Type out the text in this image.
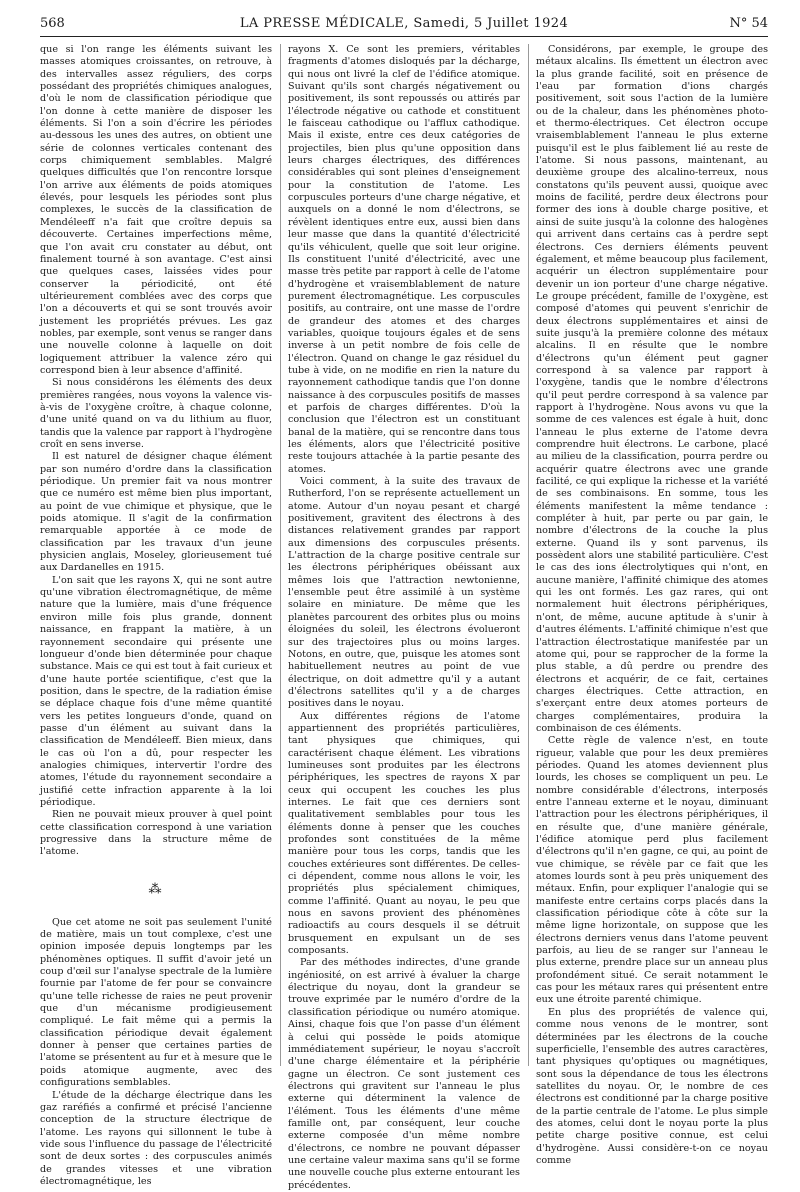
568	LA PRESSE MÉDICALE, Samedi, 5 Juillet 1924	N° 54

que si l'on range les éléments suivant les masses atomiques croissantes, on retrouve, à des intervalles assez réguliers, des corps possédant des propriétés chimiques analogues, d'où le nom de classification périodique que l'on donne à cette manière de disposer les éléments. Si l'on a soin d'écrire les périodes au-dessous les unes des autres, on obtient une série de colonnes verticales contenant des corps chimiquement semblables. Malgré quelques difficultés que l'on rencontre lorsque l'on arrive aux éléments de poids atomiques élevés, pour lesquels les périodes sont plus complexes, le succès de la classification de Mendéleeff n'a fait que croître depuis sa découverte. Certaines imperfections même, que l'on avait cru constater au début, ont finalement tourné à son avantage. C'est ainsi que quelques cases, laissées vides pour conserver la périodicité, ont été ultérieurement comblées avec des corps que l'on a découverts et qui se sont trouvés avoir justement les propriétés prévues. Les gaz nobles, par exemple, sont venus se ranger dans une nouvelle colonne à laquelle on doit logiquement attribuer la valence zéro qui correspond bien à leur absence d'affinité.

Si nous considérons les éléments des deux premières rangées, nous voyons la valence vis-à-vis de l'oxygène croître, à chaque colonne, d'une unité quand on va du lithium au fluor, tandis que la valence par rapport à l'hydrogène croît en sens inverse.

Il est naturel de désigner chaque élément par son numéro d'ordre dans la classification périodique. Un premier fait va nous montrer que ce numéro est même bien plus important, au point de vue chimique et physique, que le poids atomique. Il s'agit de la confirmation remarquable apportée à ce mode de classification par les travaux d'un jeune physicien anglais, Moseley, glorieusement tué aux Dardanelles en 1915.

L'on sait que les rayons X, qui ne sont autre qu'une vibration électromagnétique, de même nature que la lumière, mais d'une fréquence environ mille fois plus grande, donnent naissance, en frappant la matière, à un rayonnement secondaire qui présente une longueur d'onde bien déterminée pour chaque substance. Mais ce qui est tout à fait curieux et d'une haute portée scientifique, c'est que la position, dans le spectre, de la radiation émise se déplace chaque fois d'une même quantité vers les petites longueurs d'onde, quand on passe d'un élément au suivant dans la classification de Mendéleeff. Bien mieux, dans le cas où l'on a dû, pour respecter les analogies chimiques, intervertir l'ordre des atomes, l'étude du rayonnement secondaire a justifié cette infraction apparente à la loi périodique.

Rien ne pouvait mieux prouver à quel point cette classification correspond à une variation progressive dans la structure même de l'atome.

⁂

Que cet atome ne soit pas seulement l'unité de matière, mais un tout complexe, c'est une opinion imposée depuis longtemps par les phénomènes optiques. Il suffit d'avoir jeté un coup d'œil sur l'analyse spectrale de la lumière fournie par l'atome de fer pour se convaincre qu'une telle richesse de raies ne peut provenir que d'un mécanisme prodigieusement compliqué. Le fait même qui a permis la classification périodique devait également donner à penser que certaines parties de l'atome se présentent au fur et à mesure que le poids atomique augmente, avec des configurations semblables.

L'étude de la décharge électrique dans les gaz raréfiés a confirmé et précisé l'ancienne conception de la structure électrique de l'atome. Les rayons qui sillonnent le tube à vide sous l'influence du passage de l'électricité sont de deux sortes : des corpuscules animés de grandes vitesses et une vibration électromagnétique, les

rayons X. Ce sont les premiers, véritables fragments d'atomes disloqués par la décharge, qui nous ont livré la clef de l'édifice atomique. Suivant qu'ils sont chargés négativement ou positivement, ils sont repoussés ou attirés par l'électrode négative ou cathode et constituent le faisceau cathodique ou l'afflux cathodique. Mais il existe, entre ces deux catégories de projectiles, bien plus qu'une opposition dans leurs charges électriques, des différences considérables qui sont pleines d'enseignement pour la constitution de l'atome. Les corpuscules porteurs d'une charge négative, et auxquels on a donné le nom d'électrons, se révèlent identiques entre eux, aussi bien dans leur masse que dans la quantité d'électricité qu'ils véhiculent, quelle que soit leur origine. Ils constituent l'unité d'électricité, avec une masse très petite par rapport à celle de l'atome d'hydrogène et vraisemblablement de nature purement électromagnétique. Les corpuscules positifs, au contraire, ont une masse de l'ordre de grandeur des atomes et des charges variables, quoique toujours égales et de sens inverse à un petit nombre de fois celle de l'électron. Quand on change le gaz résiduel du tube à vide, on ne modifie en rien la nature du rayonnement cathodique tandis que l'on donne naissance à des corpuscules positifs de masses et parfois de charges différentes. D'où la conclusion que l'électron est un constituant banal de la matière, qui se rencontre dans tous les éléments, alors que l'électricité positive reste toujours attachée à la partie pesante des atomes.

Voici comment, à la suite des travaux de Rutherford, l'on se représente actuellement un atome. Autour d'un noyau pesant et chargé positivement, gravitent des électrons à des distances relativement grandes par rapport aux dimensions des corpuscules présents. L'attraction de la charge positive centrale sur les électrons périphériques obéissant aux mêmes lois que l'attraction newtonienne, l'ensemble peut être assimilé à un système solaire en miniature. De même que les planètes parcourent des orbites plus ou moins éloignées du soleil, les électrons évolueront sur des trajectoires plus ou moins larges. Notons, en outre, que, puisque les atomes sont habituellement neutres au point de vue électrique, on doit admettre qu'il y a autant d'électrons satellites qu'il y a de charges positives dans le noyau.

Aux différentes régions de l'atome appartiennent des propriétés particulières, tant physiques que chimiques, qui caractérisent chaque élément. Les vibrations lumineuses sont produites par les électrons périphériques, les spectres de rayons X par ceux qui occupent les couches les plus internes. Le fait que ces derniers sont qualitativement semblables pour tous les éléments donne à penser que les couches profondes sont constituées de la même manière pour tous les corps, tandis que les couches extérieures sont différentes. De celles-ci dépendent, comme nous allons le voir, les propriétés plus spécialement chimiques, comme l'affinité. Quant au noyau, le peu que nous en savons provient des phénomènes radioactifs au cours desquels il se détruit brusquement en expulsant un de ses composants.

Par des méthodes indirectes, d'une grande ingéniosité, on est arrivé à évaluer la charge électrique du noyau, dont la grandeur se trouve exprimée par le numéro d'ordre de la classification périodique ou numéro atomique. Ainsi, chaque fois que l'on passe d'un élément à celui qui possède le poids atomique immédiatement supérieur, le noyau s'accroît d'une charge élémentaire et la périphérie gagne un électron. Ce sont justement ces électrons qui gravitent sur l'anneau le plus externe qui déterminent la valence de l'élément. Tous les éléments d'une même famille ont, par conséquent, leur couche externe composée d'un même nombre d'électrons, ce nombre ne pouvant dépasser une certaine valeur maxima sans qu'il se forme une nouvelle couche plus externe entourant les précédentes.

Considérons, par exemple, le groupe des métaux alcalins. Ils émettent un électron avec la plus grande facilité, soit en présence de l'eau par formation d'ions chargés positivement, soit sous l'action de la lumière ou de la chaleur, dans les phénomènes photo- et thermo-électriques. Cet électron occupe vraisemblablement l'anneau le plus externe puisqu'il est le plus faiblement lié au reste de l'atome. Si nous passons, maintenant, au deuxième groupe des alcalino-terreux, nous constatons qu'ils peuvent aussi, quoique avec moins de facilité, perdre deux électrons pour former des ions à double charge positive, et ainsi de suite jusqu'à la colonne des halogènes qui arrivent dans certains cas à perdre sept électrons. Ces derniers éléments peuvent également, et même beaucoup plus facilement, acquérir un électron supplémentaire pour devenir un ion porteur d'une charge négative. Le groupe précédent, famille de l'oxygène, est composé d'atomes qui peuvent s'enrichir de deux électrons supplémentaires et ainsi de suite jusqu'à la première colonne des métaux alcalins. Il en résulte que le nombre d'électrons qu'un élément peut gagner correspond à sa valence par rapport à l'oxygène, tandis que le nombre d'électrons qu'il peut perdre correspond à sa valence par rapport à l'hydrogène. Nous avons vu que la somme de ces valences est égale à huit, donc l'anneau le plus externe de l'atome devra comprendre huit électrons. Le carbone, placé au milieu de la classification, pourra perdre ou acquérir quatre électrons avec une grande facilité, ce qui explique la richesse et la variété de ses combinaisons. En somme, tous les éléments manifestent la même tendance : compléter à huit, par perte ou par gain, le nombre d'électrons de la couche la plus externe. Quand ils y sont parvenus, ils possèdent alors une stabilité particulière. C'est le cas des ions électrolytiques qui n'ont, en aucune manière, l'affinité chimique des atomes qui les ont formés. Les gaz rares, qui ont normalement huit électrons périphériques, n'ont, de même, aucune aptitude à s'unir à d'autres éléments. L'affinité chimique n'est que l'attraction électrostatique manifestée par un atome qui, pour se rapprocher de la forme la plus stable, a dû perdre ou prendre des électrons et acquérir, de ce fait, certaines charges électriques. Cette attraction, en s'exerçant entre deux atomes porteurs de charges complémentaires, produira la combinaison de ces éléments.

Cette règle de valence n'est, en toute rigueur, valable que pour les deux premières périodes. Quand les atomes deviennent plus lourds, les choses se compliquent un peu. Le nombre considérable d'électrons, interposés entre l'anneau externe et le noyau, diminuant l'attraction pour les électrons périphériques, il en résulte que, d'une manière générale, l'édifice atomique perd plus facilement d'électrons qu'il n'en gagne, ce qui, au point de vue chimique, se révèle par ce fait que les atomes lourds sont à peu près uniquement des métaux. Enfin, pour expliquer l'analogie qui se manifeste entre certains corps placés dans la classification périodique côte à côte sur la même ligne horizontale, on suppose que les électrons derniers venus dans l'atome peuvent parfois, au lieu de se ranger sur l'anneau le plus externe, prendre place sur un anneau plus profondément situé. Ce serait notamment le cas pour les métaux rares qui présentent entre eux une étroite parenté chimique.

En plus des propriétés de valence qui, comme nous venons de le montrer, sont déterminées par les électrons de la couche superficielle, l'ensemble des autres caractères, tant physiques qu'optiques ou magnétiques, sont sous la dépendance de tous les électrons satellites du noyau. Or, le nombre de ces électrons est conditionné par la charge positive de la partie centrale de l'atome. Le plus simple des atomes, celui dont le noyau porte la plus petite charge positive connue, est celui d'hydrogène. Aussi considère-t-on ce noyau comme
